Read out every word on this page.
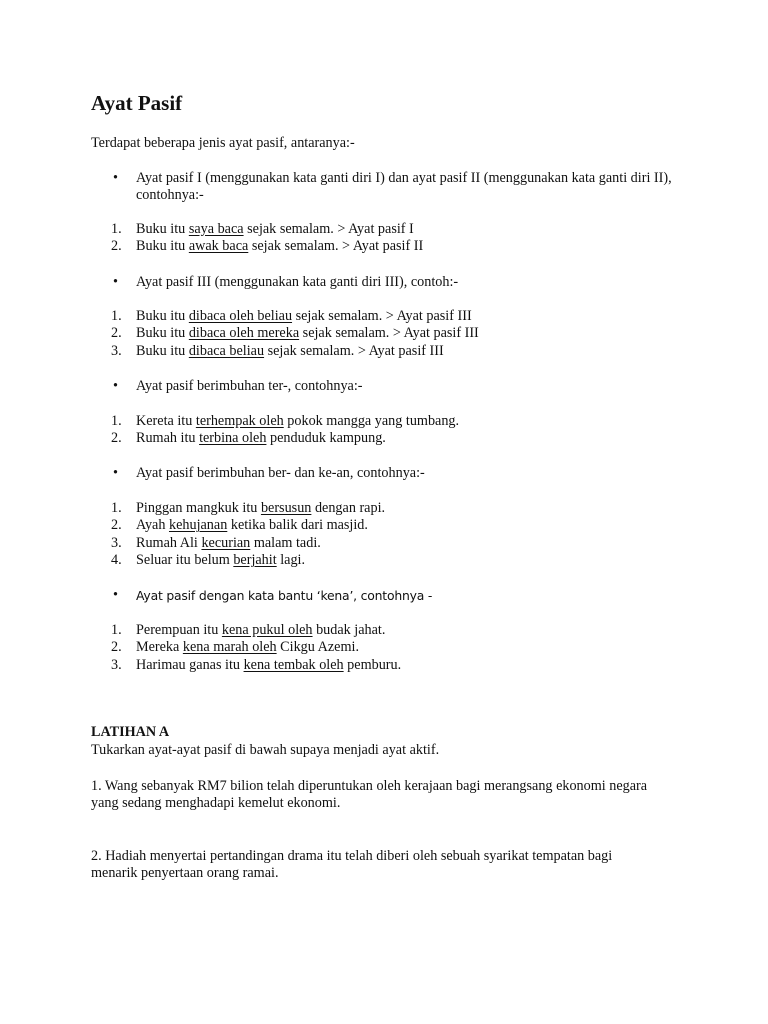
Ayat Pasif
Terdapat beberapa jenis ayat pasif, antaranya:-
• Ayat pasif I (menggunakan kata ganti diri I) dan ayat pasif II (menggunakan kata ganti diri II), contohnya:-
1. Buku itu saya baca sejak semalam. > Ayat pasif I
2. Buku itu awak baca sejak semalam. > Ayat pasif II
• Ayat pasif III (menggunakan kata ganti diri III), contoh:-
1. Buku itu dibaca oleh beliau sejak semalam. > Ayat pasif III
2. Buku itu dibaca oleh mereka sejak semalam. > Ayat pasif III
3. Buku itu dibaca beliau sejak semalam. > Ayat pasif III
• Ayat pasif berimbuhan ter-, contohnya:-
1. Kereta itu terhempak oleh pokok mangga yang tumbang.
2. Rumah itu terbina oleh penduduk kampung.
• Ayat pasif berimbuhan ber- dan ke-an, contohnya:-
1. Pinggan mangkuk itu bersusun dengan rapi.
2. Ayah kehujanan ketika balik dari masjid.
3. Rumah Ali kecurian malam tadi.
4. Seluar itu belum berjahit lagi.
• Ayat pasif dengan kata bantu ‘kena’, contohnya -
1. Perempuan itu kena pukul oleh budak jahat.
2. Mereka kena marah oleh Cikgu Azemi.
3. Harimau ganas itu kena tembak oleh pemburu.
LATIHAN A
Tukarkan ayat-ayat pasif di bawah supaya menjadi ayat aktif.
1. Wang sebanyak RM7 bilion telah diperuntukan oleh kerajaan bagi merangsang ekonomi negara yang sedang menghadapi kemelut ekonomi.
2. Hadiah menyertai pertandingan drama itu telah diberi oleh sebuah syarikat tempatan bagi menarik penyertaan orang ramai.
